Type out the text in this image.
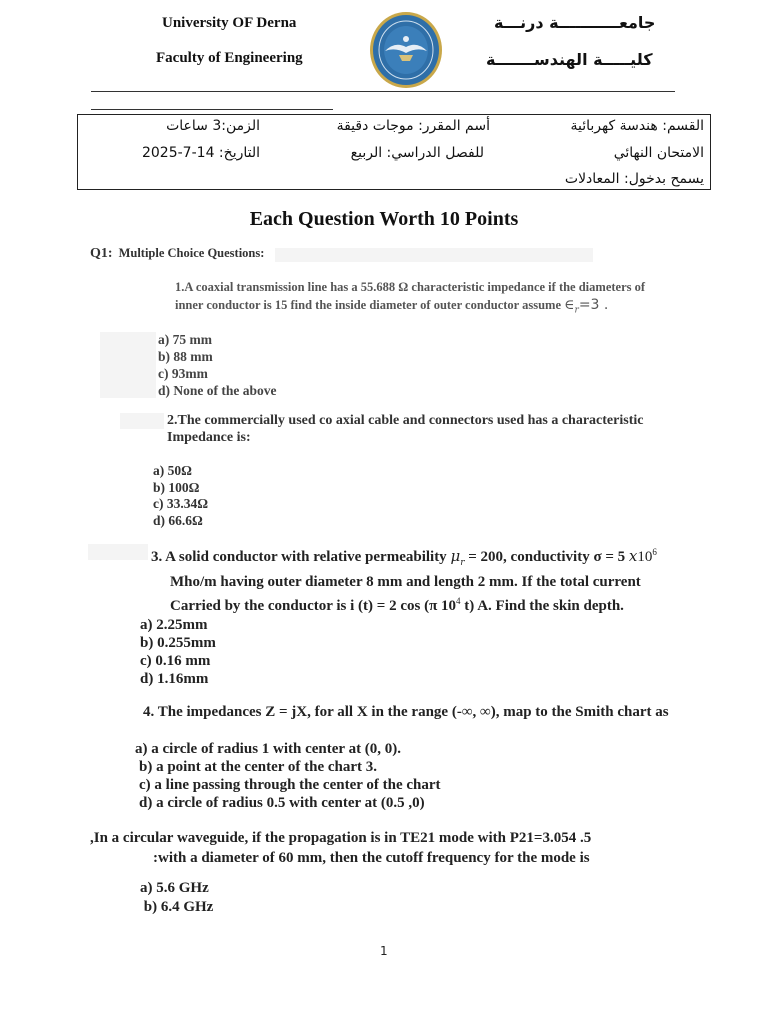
University OF Derna
Faculty of Engineering
جامعـــــــــــة درنـــة
كليـــــة الهندســـــــة
القسم: هندسة كهربائية
أسم المقرر: موجات دقيقة
الزمن:3 ساعات
الامتحان النهائي
للفصل الدراسي: الربيع
التاريخ: 14-7-2025
يسمح بدخول: المعادلات
Each Question Worth 10 Points
Q1: Multiple Choice Questions:
1.A coaxial transmission line has a 55.688 Ω characteristic impedance if the diameters of
inner conductor is 15 find the inside diameter of outer conductor assume $\in_r=3$ .
a) 75 mm
b) 88 mm
c) 93mm
d) None of the above
2.The commercially used co axial cable and connectors used has a characteristic
Impedance is:
a) 50Ω
b) 100Ω
c) 33.34Ω
d) 66.6Ω
3. A solid conductor with relative permeability $\mu_r = 200$, conductivity σ = 5 $x10^6$
Mho/m having outer diameter 8 mm and length 2 mm. If the total current
Carried by the conductor is i (t) = 2 cos (π $10^4$ t) A. Find the skin depth.
a) 2.25mm
b) 0.255mm
c) 0.16 mm
d) 1.16mm
4. The impedances Z = jX, for all X in the range (-∞, ∞), map to the Smith chart as
a) a circle of radius 1 with center at (0, 0).
b) a point at the center of the chart 3.
c) a line passing through the center of the chart
d) a circle of radius 0.5 with center at (0.5 ,0)
,In a circular waveguide, if the propagation is in TE21 mode with P21=3.054 .5
:with a diameter of 60 mm, then the cutoff frequency for the mode is
a) 5.6 GHz
b) 6.4 GHz
1
